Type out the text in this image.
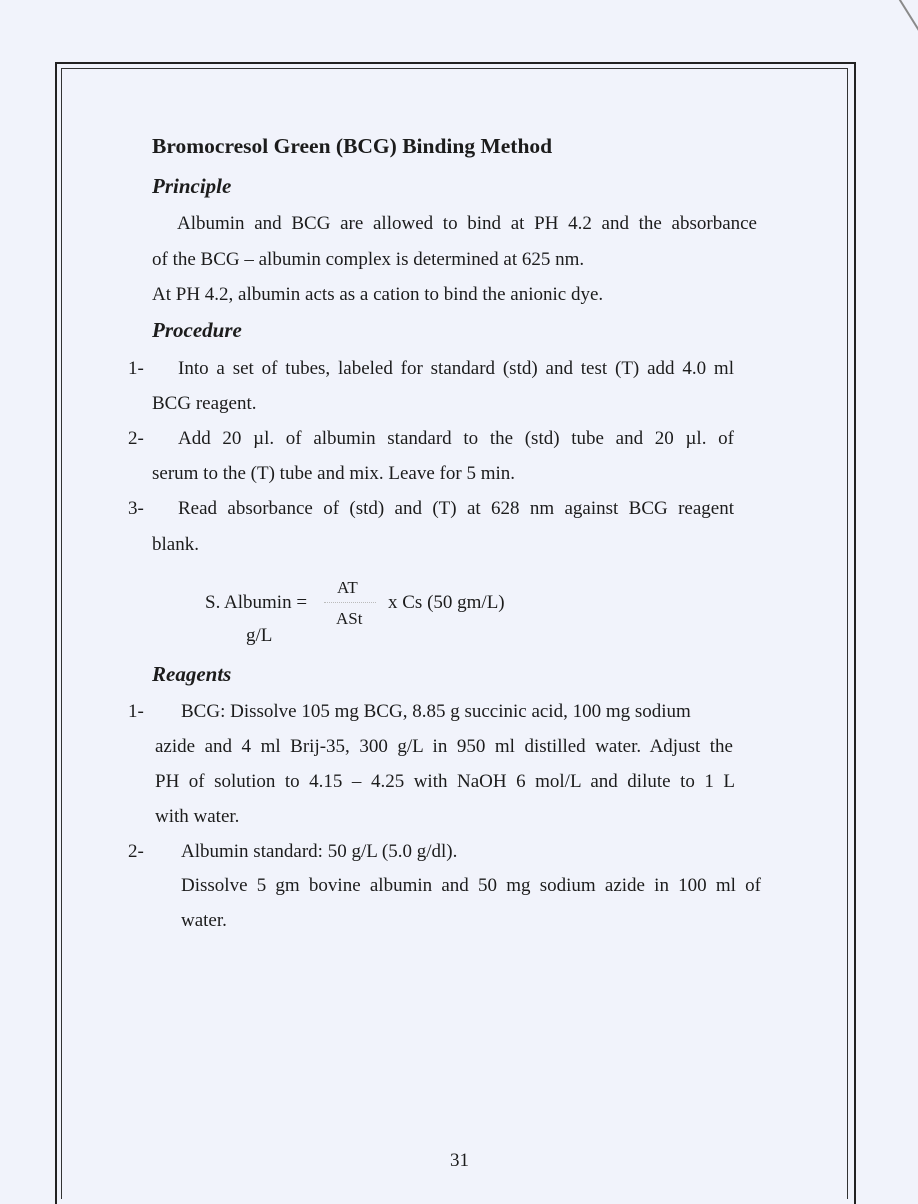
Bromocresol Green (BCG) Binding Method
Principle
Albumin and BCG are allowed to bind at PH 4.2 and the absorbance
of the BCG – albumin complex is determined at 625 nm.
At PH 4.2, albumin acts as a cation to bind the anionic dye.
Procedure
1- Into a set of tubes, labeled for standard (std) and test (T) add 4.0 ml
BCG reagent.
2- Add 20 µl. of albumin standard to the (std) tube and 20 µl. of
serum to the (T) tube and mix. Leave for 5 min.
3- Read absorbance of (std) and (T) at 628 nm against BCG reagent
blank.
S. Albumin =
g/L
AT
ASt
x Cs (50 gm/L)
Reagents
1- BCG: Dissolve 105 mg BCG, 8.85 g succinic acid, 100 mg sodium
azide and 4 ml Brij-35, 300 g/L in 950 ml distilled water. Adjust the
PH of solution to 4.15 – 4.25 with NaOH 6 mol/L and dilute to 1 L
with water.
2- Albumin standard: 50 g/L (5.0 g/dl).
Dissolve 5 gm bovine albumin and 50 mg sodium azide in 100 ml of
water.
31
